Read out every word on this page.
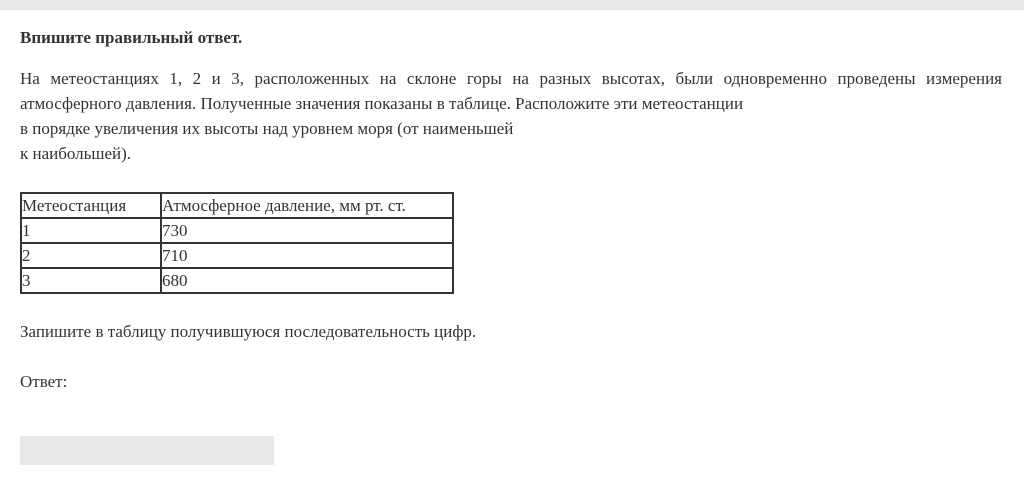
Впишите правильный ответ.

На метеостанциях 1, 2 и 3, расположенных на склоне горы на разных высотах, были одновременно проведены измерения
атмосферного давления. Полученные значения показаны в таблице. Расположите эти метеостанции
в порядке увеличения их высоты над уровнем моря (от наименьшей
к наибольшей).
Метеостанция	Атмосферное давление, мм рт. ст.
1	730
2	710
3	680
Запишите в таблицу получившуюся последовательность цифр.
Ответ:
